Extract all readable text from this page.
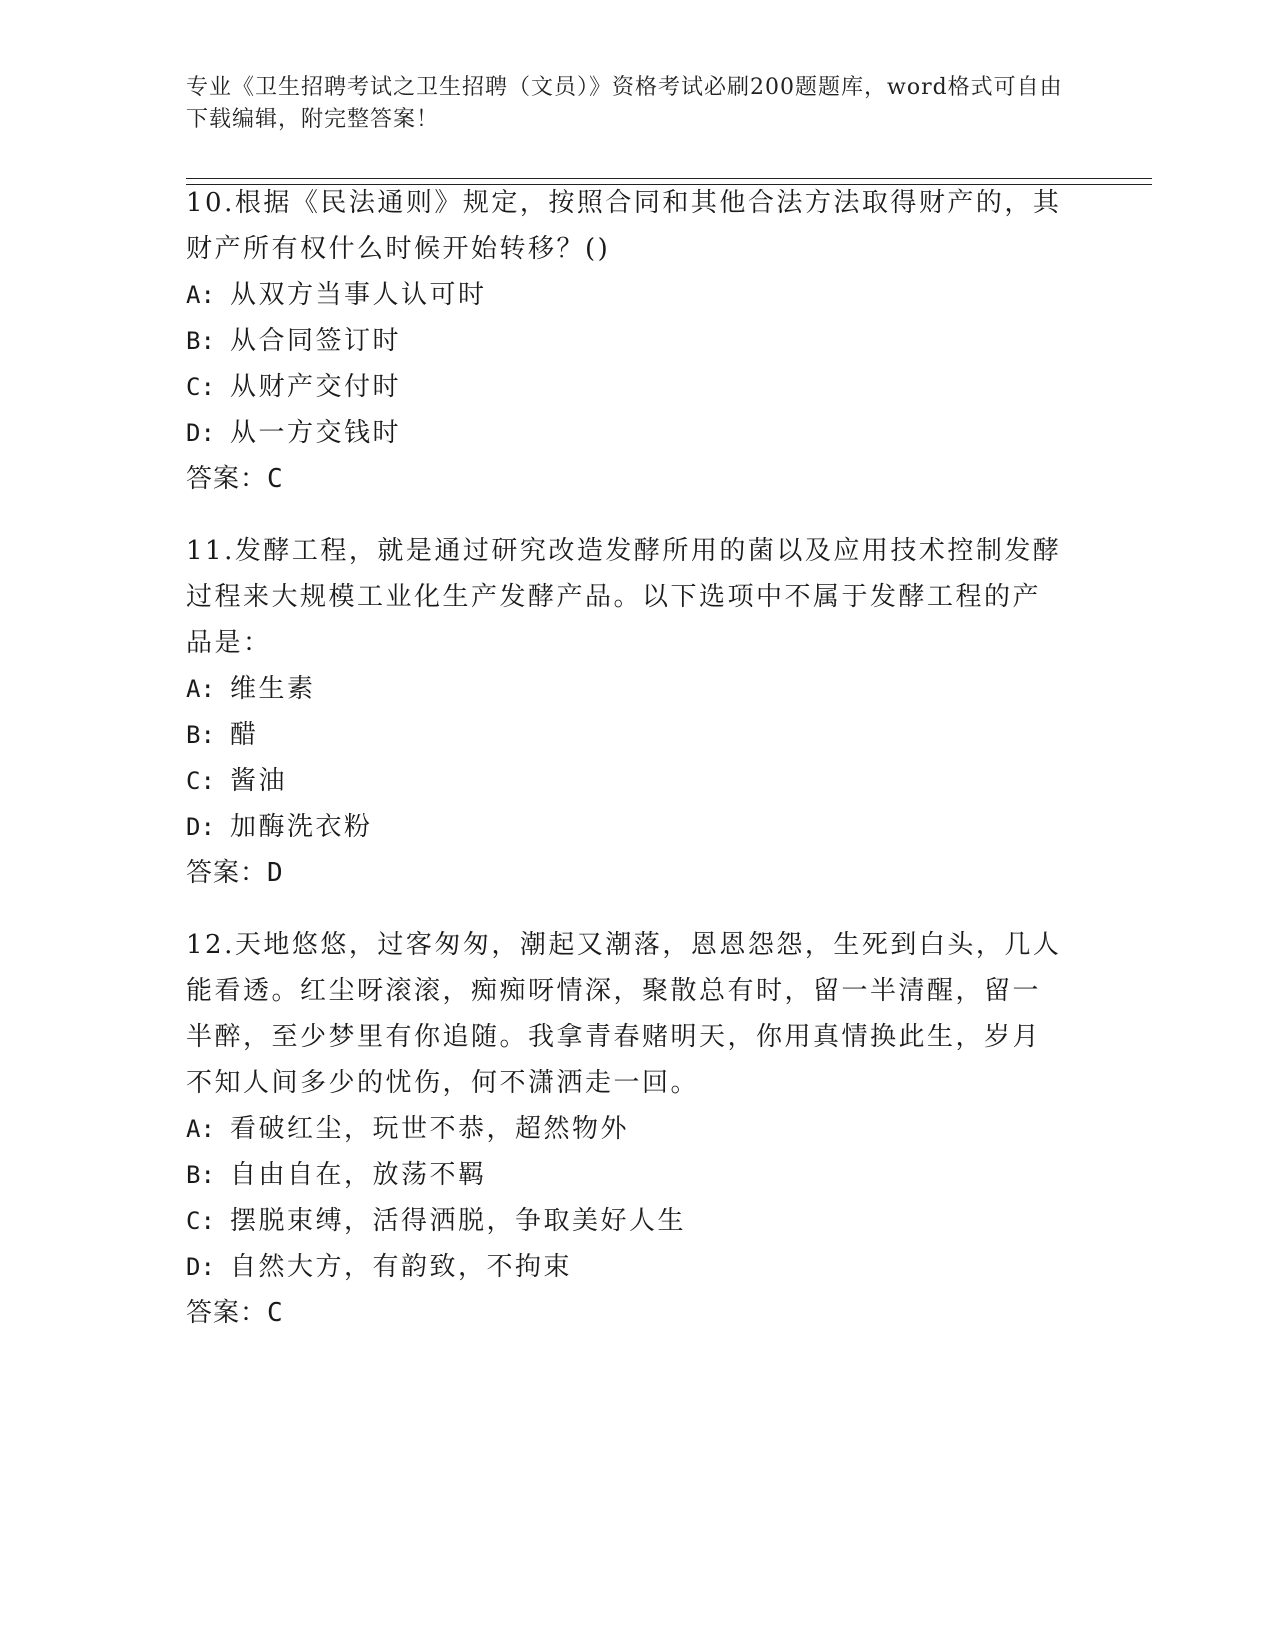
专业《卫生招聘考试之卫生招聘（文员）》资格考试必刷200题题库，word格式可自由下载编辑，附完整答案！

10.根据《民法通则》规定，按照合同和其他合法方法取得财产的，其财产所有权什么时候开始转移？()

A: 从双方当事人认可时

B: 从合同签订时

C: 从财产交付时

D: 从一方交钱时

答案：C

11.发酵工程，就是通过研究改造发酵所用的菌以及应用技术控制发酵过程来大规模工业化生产发酵产品。以下选项中不属于发酵工程的产品是：

A: 维生素

B: 醋

C: 酱油

D: 加酶洗衣粉

答案：D

12.天地悠悠，过客匆匆，潮起又潮落，恩恩怨怨，生死到白头，几人能看透。红尘呀滚滚，痴痴呀情深，聚散总有时，留一半清醒，留一半醉，至少梦里有你追随。我拿青春赌明天，你用真情换此生，岁月不知人间多少的忧伤，何不潇洒走一回。

A: 看破红尘，玩世不恭，超然物外

B: 自由自在，放荡不羁

C: 摆脱束缚，活得洒脱，争取美好人生

D: 自然大方，有韵致，不拘束

答案：C
